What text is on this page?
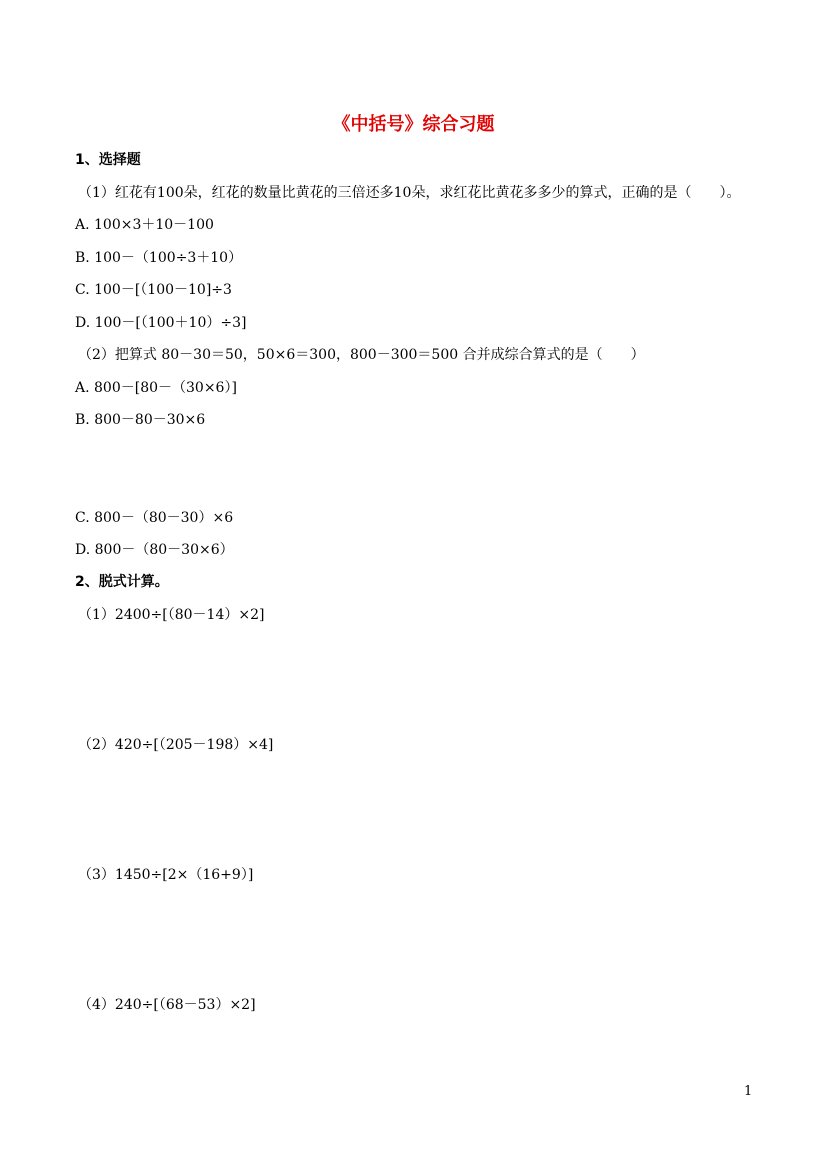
《中括号》综合习题
1、选择题
（1）红花有100朵，红花的数量比黄花的三倍还多10朵，求红花比黄花多多少的算式，正确的是（　　）。
A. 100×3＋10－100
B. 100－（100÷3＋10）
C. 100－[（100－10]÷3
D. 100－[（100＋10）÷3]
（2）把算式 80－30＝50，50×6＝300，800－300＝500 合并成综合算式的是（　　）
A. 800－[80－（30×6）]
B. 800－80－30×6
C. 800－（80－30）×6
D. 800－（80－30×6）
2、脱式计算。
（1）2400÷[（80－14）×2]
（2）420÷[（205－198）×4]
（3）1450÷[2×（16+9）]
（4）240÷[（68－53）×2]
1
